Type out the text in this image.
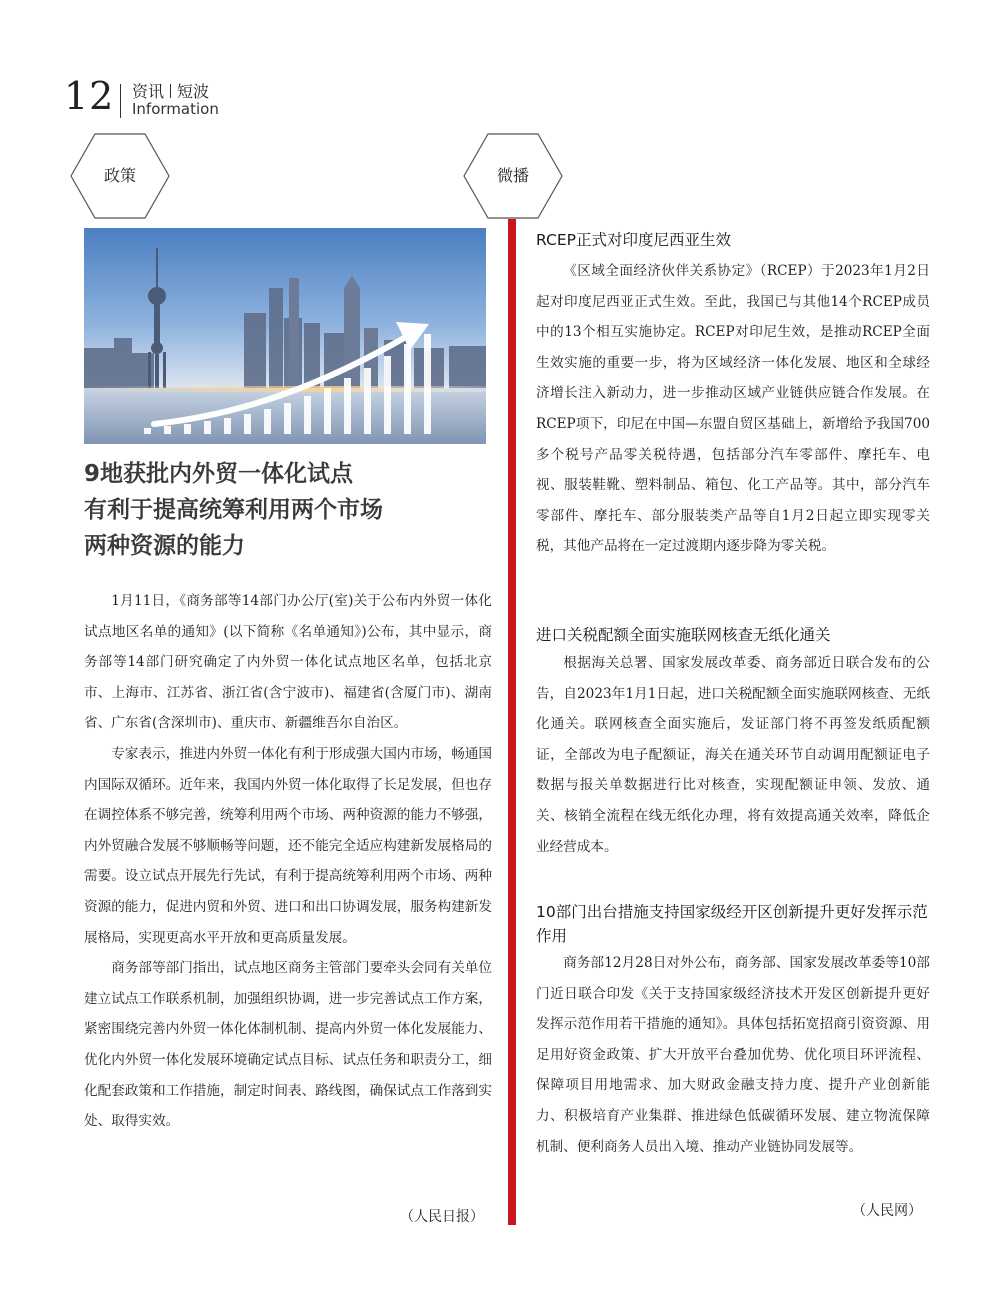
12 资讯 短波
Information
政策	微播
9地获批内外贸一体化试点
有利于提高统筹利用两个市场
两种资源的能力

1月11日，《商务部等14部门办公厅(室)关于公布内外贸一体化试点地区名单的通知》(以下简称《名单通知》)公布，其中显示，商务部等14部门研究确定了内外贸一体化试点地区名单，包括北京市、上海市、江苏省、浙江省(含宁波市)、福建省(含厦门市)、湖南省、广东省(含深圳市)、重庆市、新疆维吾尔自治区。

专家表示，推进内外贸一体化有利于形成强大国内市场，畅通国内国际双循环。近年来，我国内外贸一体化取得了长足发展，但也存在调控体系不够完善，统筹利用两个市场、两种资源的能力不够强，内外贸融合发展不够顺畅等问题，还不能完全适应构建新发展格局的需要。设立试点开展先行先试，有利于提高统筹利用两个市场、两种资源的能力，促进内贸和外贸、进口和出口协调发展，服务构建新发展格局，实现更高水平开放和更高质量发展。

商务部等部门指出，试点地区商务主管部门要牵头会同有关单位建立试点工作联系机制，加强组织协调，进一步完善试点工作方案，紧密围绕完善内外贸一体化体制机制、提高内外贸一体化发展能力、优化内外贸一体化发展环境确定试点目标、试点任务和职责分工，细化配套政策和工作措施，制定时间表、路线图，确保试点工作落到实处、取得实效。

（人民日报）
RCEP正式对印度尼西亚生效

《区域全面经济伙伴关系协定》（RCEP）于2023年1月2日起对印度尼西亚正式生效。至此，我国已与其他14个RCEP成员中的13个相互实施协定。RCEP对印尼生效，是推动RCEP全面生效实施的重要一步，将为区域经济一体化发展、地区和全球经济增长注入新动力，进一步推动区域产业链供应链合作发展。在RCEP项下，印尼在中国—东盟自贸区基础上，新增给予我国700多个税号产品零关税待遇，包括部分汽车零部件、摩托车、电视、服装鞋靴、塑料制品、箱包、化工产品等。其中，部分汽车零部件、摩托车、部分服装类产品等自1月2日起立即实现零关税，其他产品将在一定过渡期内逐步降为零关税。

进口关税配额全面实施联网核查无纸化通关

根据海关总署、国家发展改革委、商务部近日联合发布的公告，自2023年1月1日起，进口关税配额全面实施联网核查、无纸化通关。联网核查全面实施后，发证部门将不再签发纸质配额证，全部改为电子配额证，海关在通关环节自动调用配额证电子数据与报关单数据进行比对核查，实现配额证申领、发放、通关、核销全流程在线无纸化办理，将有效提高通关效率，降低企业经营成本。

10部门出台措施支持国家级经开区创新提升更好发挥示范作用

商务部12月28日对外公布，商务部、国家发展改革委等10部门近日联合印发《关于支持国家级经济技术开发区创新提升更好发挥示范作用若干措施的通知》。具体包括拓宽招商引资资源、用足用好资金政策、扩大开放平台叠加优势、优化项目环评流程、保障项目用地需求、加大财政金融支持力度、提升产业创新能力、积极培育产业集群、推进绿色低碳循环发展、建立物流保障机制、便利商务人员出入境、推动产业链协同发展等。

（人民网）
